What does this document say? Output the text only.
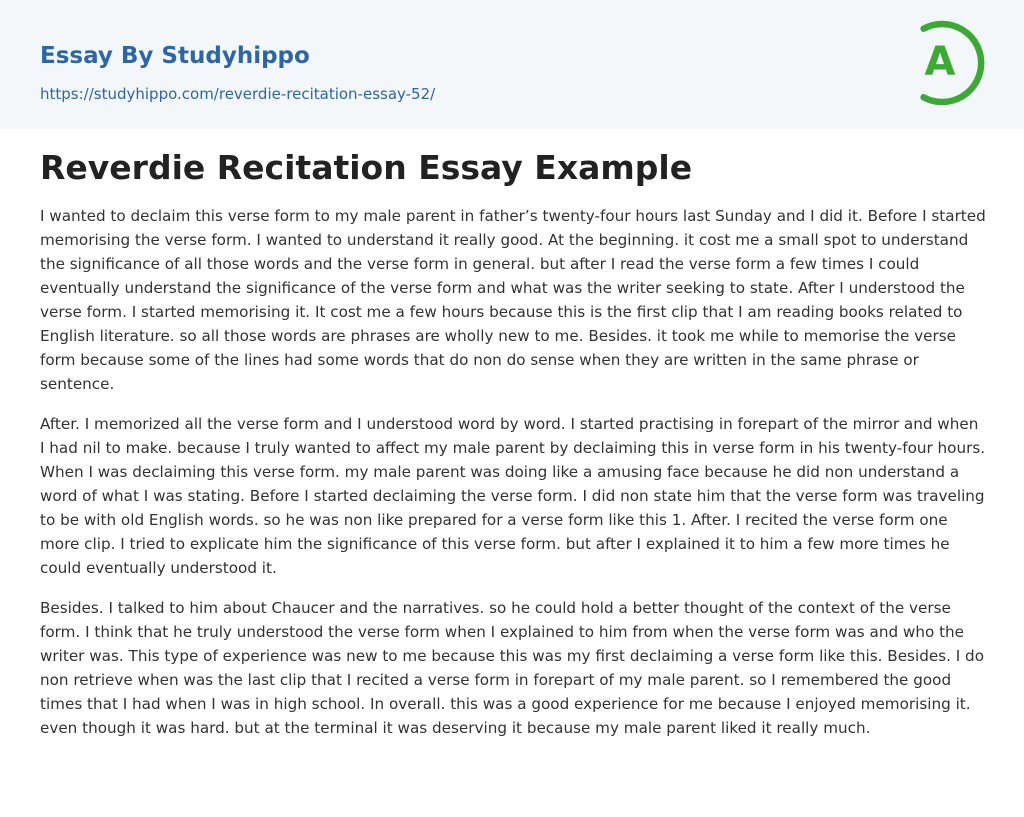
Essay By Studyhippo
https://studyhippo.com/reverdie-recitation-essay-52/
A
Reverdie Recitation Essay Example

I wanted to declaim this verse form to my male parent in father’s twenty-four hours last Sunday and I did it. Before I started memorising the verse form. I wanted to understand it really good. At the beginning. it cost me a small spot to understand the significance of all those words and the verse form in general. but after I read the verse form a few times I could eventually understand the significance of the verse form and what was the writer seeking to state. After I understood the verse form. I started memorising it. It cost me a few hours because this is the first clip that I am reading books related to English literature. so all those words are phrases are wholly new to me. Besides. it took me while to memorise the verse form because some of the lines had some words that do non do sense when they are written in the same phrase or sentence.

After. I memorized all the verse form and I understood word by word. I started practising in forepart of the mirror and when I had nil to make. because I truly wanted to affect my male parent by declaiming this in verse form in his twenty-four hours. When I was declaiming this verse form. my male parent was doing like a amusing face because he did non understand a word of what I was stating. Before I started declaiming the verse form. I did non state him that the verse form was traveling to be with old English words. so he was non like prepared for a verse form like this 1. After. I recited the verse form one more clip. I tried to explicate him the significance of this verse form. but after I explained it to him a few more times he could eventually understood it.

Besides. I talked to him about Chaucer and the narratives. so he could hold a better thought of the context of the verse form. I think that he truly understood the verse form when I explained to him from when the verse form was and who the writer was. This type of experience was new to me because this was my first declaiming a verse form like this. Besides. I do non retrieve when was the last clip that I recited a verse form in forepart of my male parent. so I remembered the good times that I had when I was in high school. In overall. this was a good experience for me because I enjoyed memorising it. even though it was hard. but at the terminal it was deserving it because my male parent liked it really much.
